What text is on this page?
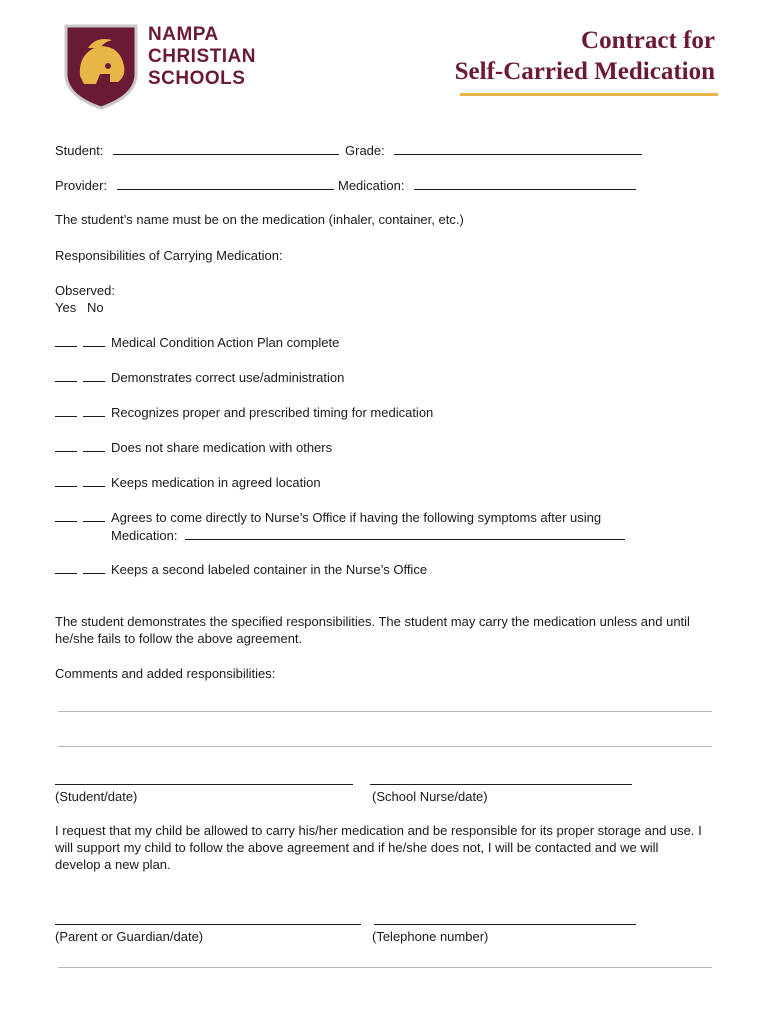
NAMPA
CHRISTIAN
SCHOOLS
Contract for
Self-Carried Medication
Student:	Grade:
Provider:	Medication:
The student’s name must be on the medication (inhaler, container, etc.)
Responsibilities of Carrying Medication:
Observed:
Yes   No
Medical Condition Action Plan complete
Demonstrates correct use/administration
Recognizes proper and prescribed timing for medication
Does not share medication with others
Keeps medication in agreed location
Agrees to come directly to Nurse’s Office if having the following symptoms after using
Medication:
Keeps a second labeled container in the Nurse’s Office
The student demonstrates the specified responsibilities. The student may carry the medication unless and until he/she fails to follow the above agreement.
Comments and added responsibilities:
(Student/date)	(School Nurse/date)
I request that my child be allowed to carry his/her medication and be responsible for its proper storage and use. I will support my child to follow the above agreement and if he/she does not, I will be contacted and we will develop a new plan.
(Parent or Guardian/date)	(Telephone number)
